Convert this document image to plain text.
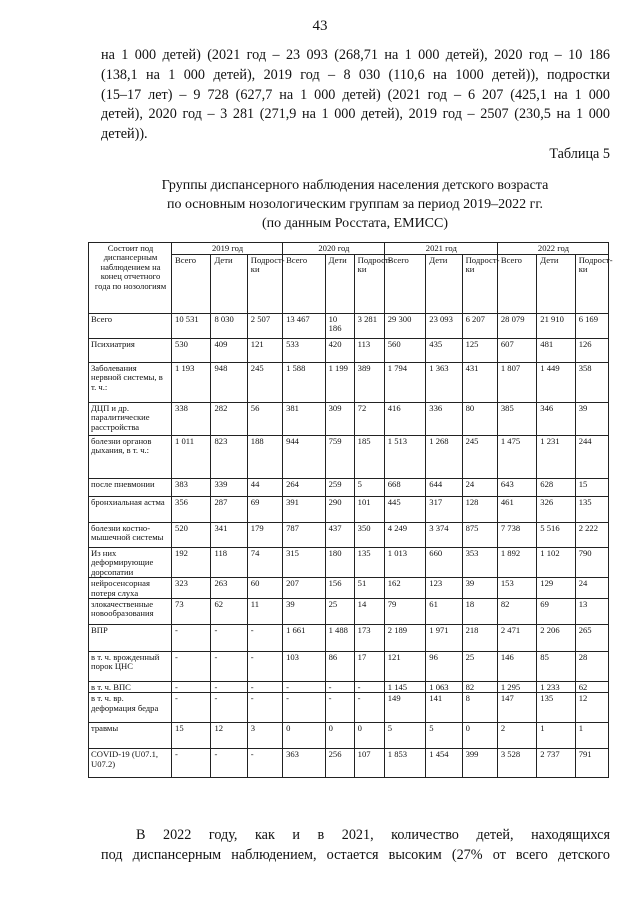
43
на 1 000 детей) (2021 год – 23 093 (268,71 на 1 000 детей), 2020 год – 10 186
(138,1 на 1 000 детей), 2019 год – 8 030 (110,6 на 1000 детей)), подростки
(15–17 лет) – 9 728 (627,7 на 1 000 детей) (2021 год – 6 207 (425,1 на 1 000
детей), 2020 год – 3 281 (271,9 на 1 000 детей), 2019 год – 2507 (230,5 на 1 000
детей)).
Таблица 5
Группы диспансерного наблюдения населения детского возраста
по основным нозологическим группам за период 2019–2022 гг.
(по данным Росстата, ЕМИСС)
Состоит под диспансерным наблюдением на конец отчетного года по нозологиям	2019 год			2020 год			2021 год			2022 год		
	Всего	Дети	Подрост-ки	Всего	Дети	Подрост-ки	Всего	Дети	Подрост-ки	Всего	Дети	Подрост-ки
Всего	10 531	8 030	2 507	13 467	10 186	3 281	29 300	23 093	6 207	28 079	21 910	6 169
Психиатрия	530	409	121	533	420	113	560	435	125	607	481	126
Заболевания нервной системы, в т. ч.:	1 193	948	245	1 588	1 199	389	1 794	1 363	431	1 807	1 449	358
ДЦП и др. паралитические расстройства	338	282	56	381	309	72	416	336	80	385	346	39
болезни органов дыхания, в т. ч.:	1 011	823	188	944	759	185	1 513	1 268	245	1 475	1 231	244
после пневмонии	383	339	44	264	259	5	668	644	24	643	628	15
бронхиальная астма	356	287	69	391	290	101	445	317	128	461	326	135
болезни костно-мышечной системы	520	341	179	787	437	350	4 249	3 374	875	7 738	5 516	2 222
Из них деформирующие дорсопатии	192	118	74	315	180	135	1 013	660	353	1 892	1 102	790
нейросенсорная потеря слуха	323	263	60	207	156	51	162	123	39	153	129	24
злокачественные новообразования	73	62	11	39	25	14	79	61	18	82	69	13
ВПР	-	-	-	1 661	1 488	173	2 189	1 971	218	2 471	2 206	265
в т. ч. врожденный порок ЦНС	-	-	-	103	86	17	121	96	25	146	85	28
в т. ч. ВПС	-	-	-	-	-	-	1 145	1 063	82	1 295	1 233	62
в т. ч. вр. деформация бедра	-	-	-	-	-	-	149	141	8	147	135	12
травмы	15	12	3	0	0	0	5	5	0	2	1	1
COVID-19 (U07.1, U07.2)	-	-	-	363	256	107	1 853	1 454	399	3 528	2 737	791
В 2022 году, как и в 2021, количество детей, находящихся
под диспансерным наблюдением, остается высоким (27% от всего детского
